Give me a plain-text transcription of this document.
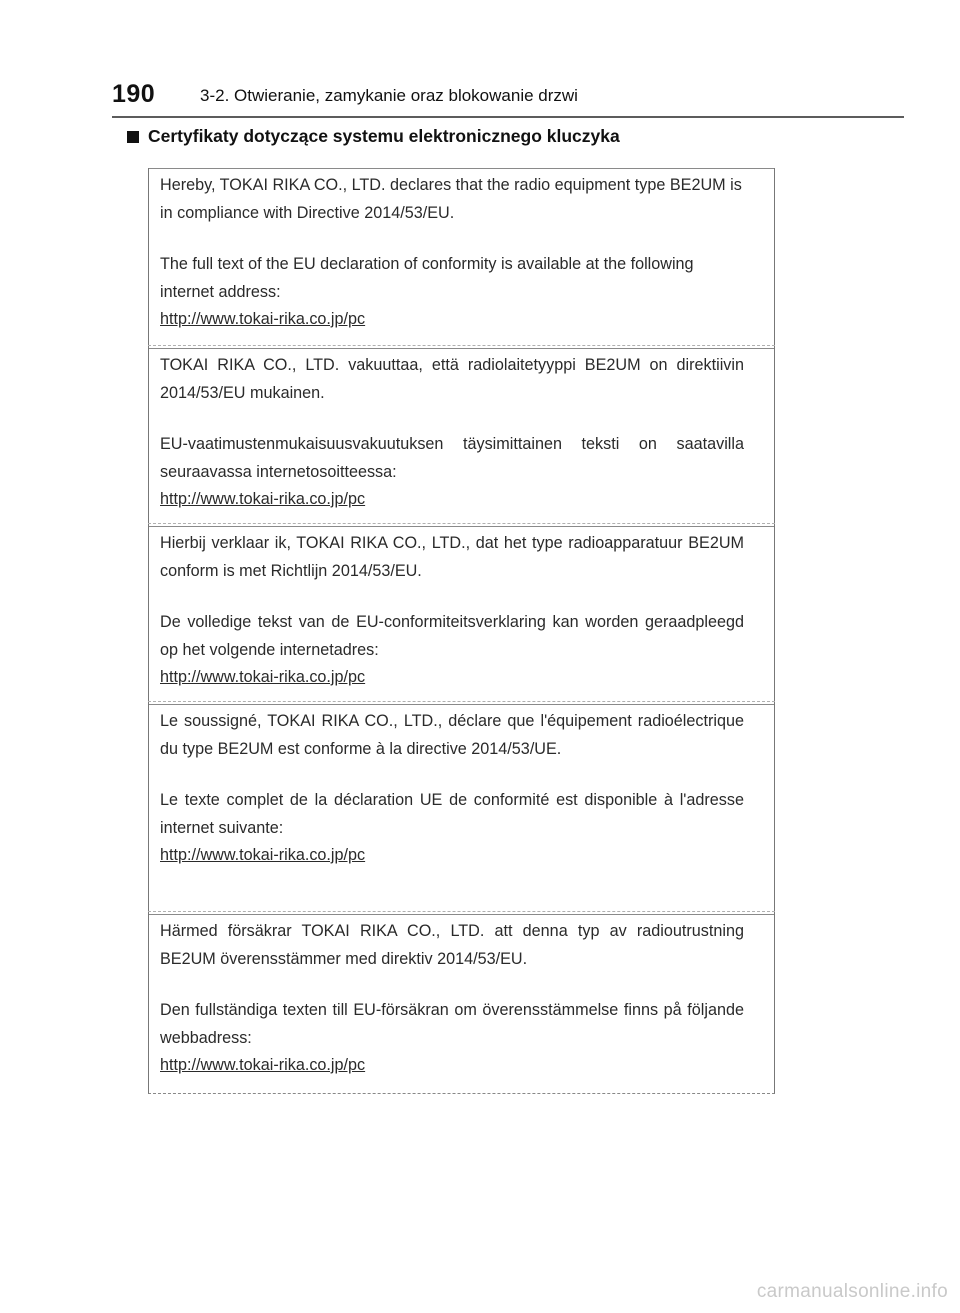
190	3-2. Otwieranie, zamykanie oraz blokowanie drzwi
Certyfikaty dotyczące systemu elektronicznego kluczyka

Hereby, TOKAI RIKA CO., LTD. declares that the radio equipment type BE2UM is in compliance with Directive 2014/53/EU.

The full text of the EU declaration of conformity is available at the following internet address:

http://www.tokai-rika.co.jp/pc

TOKAI RIKA CO., LTD. vakuuttaa, että radiolaitetyyppi BE2UM on direktiivin 2014/53/EU mukainen.

EU-vaatimustenmukaisuusvakuutuksen täysimittainen teksti on saatavilla seuraavassa internetosoitteessa:

http://www.tokai-rika.co.jp/pc

Hierbij verklaar ik, TOKAI RIKA CO., LTD., dat het type radioapparatuur BE2UM conform is met Richtlijn 2014/53/EU.

De volledige tekst van de EU-conformiteitsverklaring kan worden geraadpleegd op het volgende internetadres:

http://www.tokai-rika.co.jp/pc

Le soussigné, TOKAI RIKA CO., LTD., déclare que l'équipement radioélectrique du type BE2UM est conforme à la directive 2014/53/UE.

Le texte complet de la déclaration UE de conformité est disponible à l'adresse internet suivante:

http://www.tokai-rika.co.jp/pc

Härmed försäkrar TOKAI RIKA CO., LTD. att denna typ av radioutrustning BE2UM överensstämmer med direktiv 2014/53/EU.

Den fullständiga texten till EU-försäkran om överensstämmelse finns på följande webbadress:

http://www.tokai-rika.co.jp/pc

carmanualsonline.info
